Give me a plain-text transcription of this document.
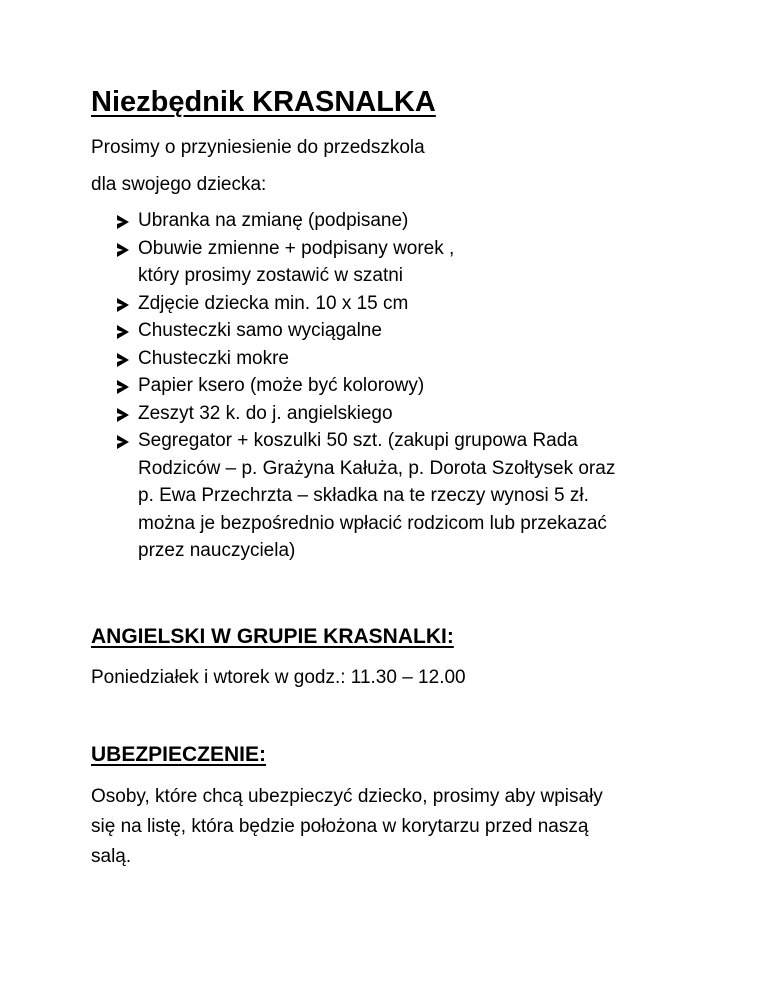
Niezbędnik KRASNALKA

Prosimy o przyniesienie do przedszkola

dla swojego dziecka:

Ubranka na zmianę (podpisane)
Obuwie zmienne + podpisany worek ,
który prosimy zostawić w szatni
Zdjęcie dziecka min. 10 x 15 cm
Chusteczki samo wyciągalne
Chusteczki mokre
Papier ksero (może być kolorowy)
Zeszyt 32 k. do j. angielskiego
Segregator + koszulki 50 szt. (zakupi grupowa Rada
Rodziców – p. Grażyna Kałuża, p. Dorota Szołtysek oraz
p. Ewa Przechrzta – składka na te rzeczy wynosi 5 zł.
można je bezpośrednio wpłacić rodzicom lub przekazać
przez nauczyciela)
ANGIELSKI W GRUPIE KRASNALKI:

Poniedziałek i wtorek w godz.: 11.30 – 12.00

UBEZPIECZENIE:

Osoby, które chcą ubezpieczyć dziecko, prosimy aby wpisały
się na listę, która będzie położona w korytarzu przed naszą
salą.
